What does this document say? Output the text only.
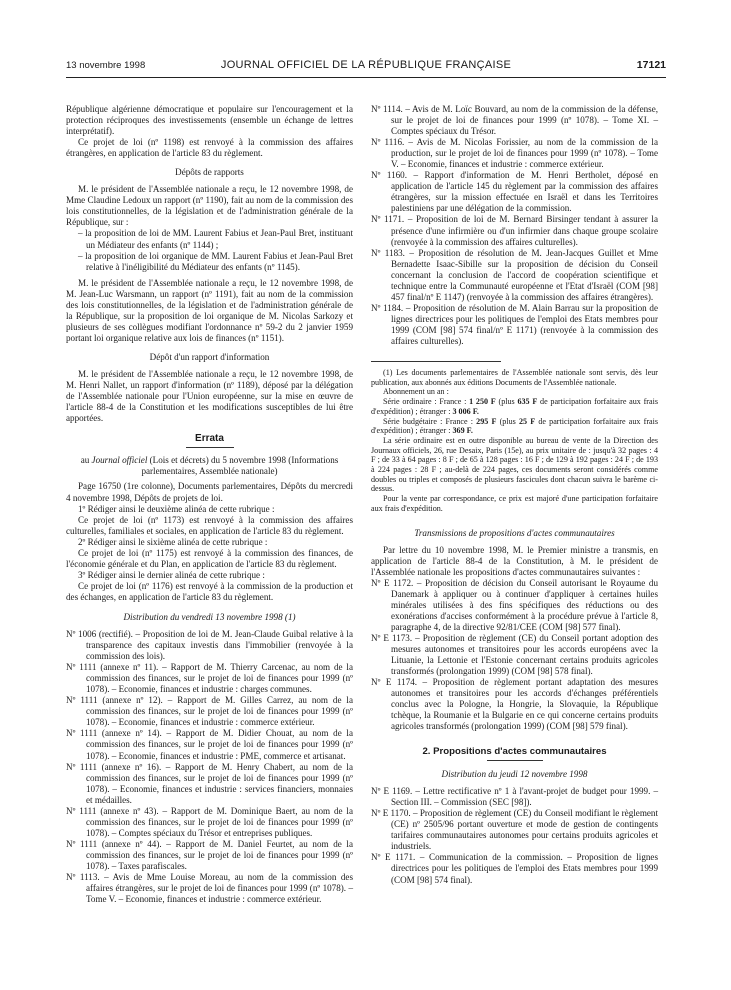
13 novembre 1998	JOURNAL OFFICIEL DE LA RÉPUBLIQUE FRANÇAISE	17121

République algérienne démocratique et populaire sur l'encouragement et la protection réciproques des investissements (ensemble un échange de lettres interprétatif).

Ce projet de loi (nº 1198) est renvoyé à la commission des affaires étrangères, en application de l'article 83 du règlement.

Dépôts de rapports

M. le président de l'Assemblée nationale a reçu, le 12 novembre 1998, de Mme Claudine Ledoux un rapport (nº 1190), fait au nom de la commission des lois constitutionnelles, de la législation et de l'administration générale de la République, sur :

– la proposition de loi de MM. Laurent Fabius et Jean-Paul Bret, instituant un Médiateur des enfants (nº 1144) ;

– la proposition de loi organique de MM. Laurent Fabius et Jean-Paul Bret relative à l'inéligibilité du Médiateur des enfants (nº 1145).

M. le président de l'Assemblée nationale a reçu, le 12 novembre 1998, de M. Jean-Luc Warsmann, un rapport (nº 1191), fait au nom de la commission des lois constitutionnelles, de la législation et de l'administration générale de la République, sur la proposition de loi organique de M. Nicolas Sarkozy et plusieurs de ses collègues modifiant l'ordonnance nº 59-2 du 2 janvier 1959 portant loi organique relative aux lois de finances (nº 1151).

Dépôt d'un rapport d'information

M. le président de l'Assemblée nationale a reçu, le 12 novembre 1998, de M. Henri Nallet, un rapport d'information (nº 1189), déposé par la délégation de l'Assemblée nationale pour l'Union européenne, sur la mise en œuvre de l'article 88-4 de la Constitution et les modifications susceptibles de lui être apportées.

Errata

au Journal officiel (Lois et décrets) du 5 novembre 1998 (Informations parlementaires, Assemblée nationale)

Page 16750 (1re colonne), Documents parlementaires, Dépôts du mercredi 4 novembre 1998, Dépôts de projets de loi.

1º Rédiger ainsi le deuxième alinéa de cette rubrique :

Ce projet de loi (nº 1173) est renvoyé à la commission des affaires culturelles, familiales et sociales, en application de l'article 83 du règlement.

2º Rédiger ainsi le sixième alinéa de cette rubrique :

Ce projet de loi (nº 1175) est renvoyé à la commission des finances, de l'économie générale et du Plan, en application de l'article 83 du règlement.

3º Rédiger ainsi le dernier alinéa de cette rubrique :

Ce projet de loi (nº 1176) est renvoyé à la commission de la production et des échanges, en application de l'article 83 du règlement.

Distribution du vendredi 13 novembre 1998 (1)

Nº 1006 (rectifié). – Proposition de loi de M. Jean-Claude Guibal relative à la transparence des capitaux investis dans l'immobilier (renvoyée à la commission des lois).

Nº 1111 (annexe nº 11). – Rapport de M. Thierry Carcenac, au nom de la commission des finances, sur le projet de loi de finances pour 1999 (nº 1078). – Economie, finances et industrie : charges communes.

Nº 1111 (annexe nº 12). – Rapport de M. Gilles Carrez, au nom de la commission des finances, sur le projet de loi de finances pour 1999 (nº 1078). – Economie, finances et industrie : commerce extérieur.

Nº 1111 (annexe nº 14). – Rapport de M. Didier Chouat, au nom de la commission des finances, sur le projet de loi de finances pour 1999 (nº 1078). – Economie, finances et industrie : PME, commerce et artisanat.

Nº 1111 (annexe nº 16). – Rapport de M. Henry Chabert, au nom de la commission des finances, sur le projet de loi de finances pour 1999 (nº 1078). – Economie, finances et industrie : services financiers, monnaies et médailles.

Nº 1111 (annexe nº 43). – Rapport de M. Dominique Baert, au nom de la commission des finances, sur le projet de loi de finances pour 1999 (nº 1078). – Comptes spéciaux du Trésor et entreprises publiques.

Nº 1111 (annexe nº 44). – Rapport de M. Daniel Feurtet, au nom de la commission des finances, sur le projet de loi de finances pour 1999 (nº 1078). – Taxes parafiscales.

Nº 1113. – Avis de Mme Louise Moreau, au nom de la commission des affaires étrangères, sur le projet de loi de finances pour 1999 (nº 1078). – Tome V. – Economie, finances et industrie : commerce extérieur.

Nº 1114. – Avis de M. Loïc Bouvard, au nom de la commission de la défense, sur le projet de loi de finances pour 1999 (nº 1078). – Tome XI. – Comptes spéciaux du Trésor.

Nº 1116. – Avis de M. Nicolas Forissier, au nom de la commission de la production, sur le projet de loi de finances pour 1999 (nº 1078). – Tome V. – Economie, finances et industrie : commerce extérieur.

Nº 1160. – Rapport d'information de M. Henri Bertholet, déposé en application de l'article 145 du règlement par la commission des affaires étrangères, sur la mission effectuée en Israël et dans les Territoires palestiniens par une délégation de la commission.

Nº 1171. – Proposition de loi de M. Bernard Birsinger tendant à assurer la présence d'une infirmière ou d'un infirmier dans chaque groupe scolaire (renvoyée à la commission des affaires culturelles).

Nº 1183. – Proposition de résolution de M. Jean-Jacques Guillet et Mme Bernadette Isaac-Sibille sur la proposition de décision du Conseil concernant la conclusion de l'accord de coopération scientifique et technique entre la Communauté européenne et l'Etat d'Israël (COM [98] 457 final/nº E 1147) (renvoyée à la commission des affaires étrangères).

Nº 1184. – Proposition de résolution de M. Alain Barrau sur la proposition de lignes directrices pour les politiques de l'emploi des Etats membres pour 1999 (COM [98] 574 final/nº E 1171) (renvoyée à la commission des affaires culturelles).

(1) Les documents parlementaires de l'Assemblée nationale sont servis, dès leur publication, aux abonnés aux éditions Documents de l'Assemblée nationale.

Abonnement un an :

Série ordinaire : France : 1 250 F (plus 635 F de participation forfaitaire aux frais d'expédition) ; étranger : 3 006 F.

Série budgétaire : France : 295 F (plus 25 F de participation forfaitaire aux frais d'expédition) ; étranger : 369 F.

La série ordinaire est en outre disponible au bureau de vente de la Direction des Journaux officiels, 26, rue Desaix, Paris (15e), au prix unitaire de : jusqu'à 32 pages : 4 F ; de 33 à 64 pages : 8 F ; de 65 à 128 pages : 16 F ; de 129 à 192 pages : 24 F ; de 193 à 224 pages : 28 F ; au-delà de 224 pages, ces documents seront considérés comme doubles ou triples et composés de plusieurs fascicules dont chacun suivra le barème ci-dessus.

Pour la vente par correspondance, ce prix est majoré d'une participation forfaitaire aux frais d'expédition.

Transmissions de propositions d'actes communautaires

Par lettre du 10 novembre 1998, M. le Premier ministre a transmis, en application de l'article 88-4 de la Constitution, à M. le président de l'Assemblée nationale les propositions d'actes communautaires suivantes :

Nº E 1172. – Proposition de décision du Conseil autorisant le Royaume du Danemark à appliquer ou à continuer d'appliquer à certaines huiles minérales utilisées à des fins spécifiques des réductions ou des exonérations d'accises conformément à la procédure prévue à l'article 8, paragraphe 4, de la directive 92/81/CEE (COM [98] 577 final).

Nº E 1173. – Proposition de règlement (CE) du Conseil portant adoption des mesures autonomes et transitoires pour les accords européens avec la Lituanie, la Lettonie et l'Estonie concernant certains produits agricoles transformés (prolongation 1999) (COM [98] 578 final).

Nº E 1174. – Proposition de règlement portant adaptation des mesures autonomes et transitoires pour les accords d'échanges préférentiels conclus avec la Pologne, la Hongrie, la Slovaquie, la République tchèque, la Roumanie et la Bulgarie en ce qui concerne certains produits agricoles transformés (prolongation 1999) (COM [98] 579 final).

2. Propositions d'actes communautaires

Distribution du jeudi 12 novembre 1998

Nº E 1169. – Lettre rectificative nº 1 à l'avant-projet de budget pour 1999. – Section III. – Commission (SEC [98]).

Nº E 1170. – Proposition de règlement (CE) du Conseil modifiant le règlement (CE) nº 2505/96 portant ouverture et mode de gestion de contingents tarifaires communautaires autonomes pour certains produits agricoles et industriels.

Nº E 1171. – Communication de la commission. – Proposition de lignes directrices pour les politiques de l'emploi des Etats membres pour 1999 (COM [98] 574 final).
